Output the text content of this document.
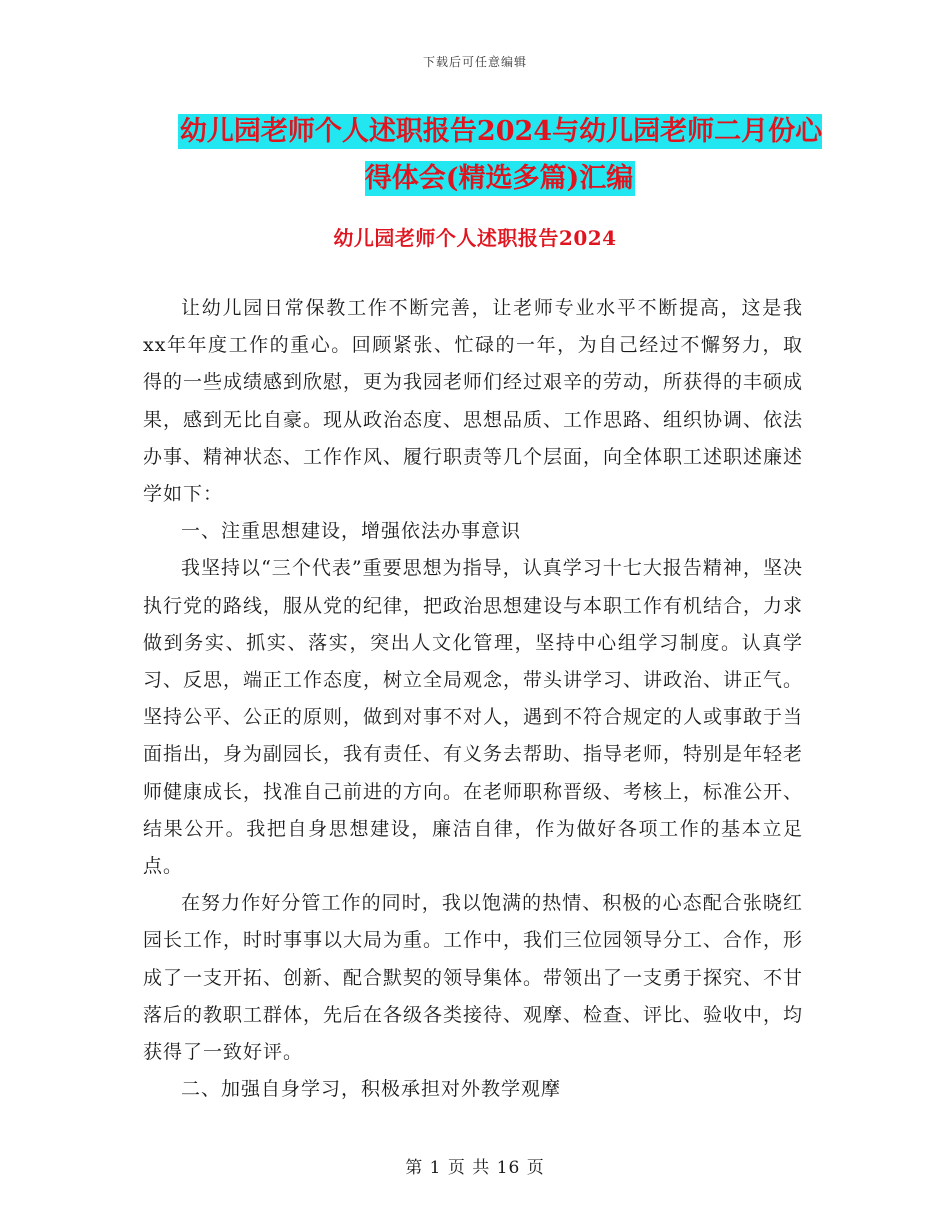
下载后可任意编辑
幼儿园老师个人述职报告2024与幼儿园老师二月份心得体会(精选多篇)汇编
幼儿园老师个人述职报告2024

让幼儿园日常保教工作不断完善，让老师专业水平不断提高，这是我xx年年度工作的重心。回顾紧张、忙碌的一年，为自己经过不懈努力，取得的一些成绩感到欣慰，更为我园老师们经过艰辛的劳动，所获得的丰硕成果，感到无比自豪。现从政治态度、思想品质、工作思路、组织协调、依法办事、精神状态、工作作风、履行职责等几个层面，向全体职工述职述廉述学如下：

一、注重思想建设，增强依法办事意识

我坚持以“三个代表”重要思想为指导，认真学习十七大报告精神，坚决执行党的路线，服从党的纪律，把政治思想建设与本职工作有机结合，力求做到务实、抓实、落实，突出人文化管理，坚持中心组学习制度。认真学习、反思，端正工作态度，树立全局观念，带头讲学习、讲政治、讲正气。坚持公平、公正的原则，做到对事不对人，遇到不符合规定的人或事敢于当面指出，身为副园长，我有责任、有义务去帮助、指导老师，特别是年轻老师健康成长，找准自己前进的方向。在老师职称晋级、考核上，标准公开、结果公开。我把自身思想建设，廉洁自律，作为做好各项工作的基本立足点。

在努力作好分管工作的同时，我以饱满的热情、积极的心态配合张晓红园长工作，时时事事以大局为重。工作中，我们三位园领导分工、合作，形成了一支开拓、创新、配合默契的领导集体。带领出了一支勇于探究、不甘落后的教职工群体，先后在各级各类接待、观摩、检查、评比、验收中，均获得了一致好评。

二、加强自身学习，积极承担对外教学观摩

第 1 页 共 16 页
